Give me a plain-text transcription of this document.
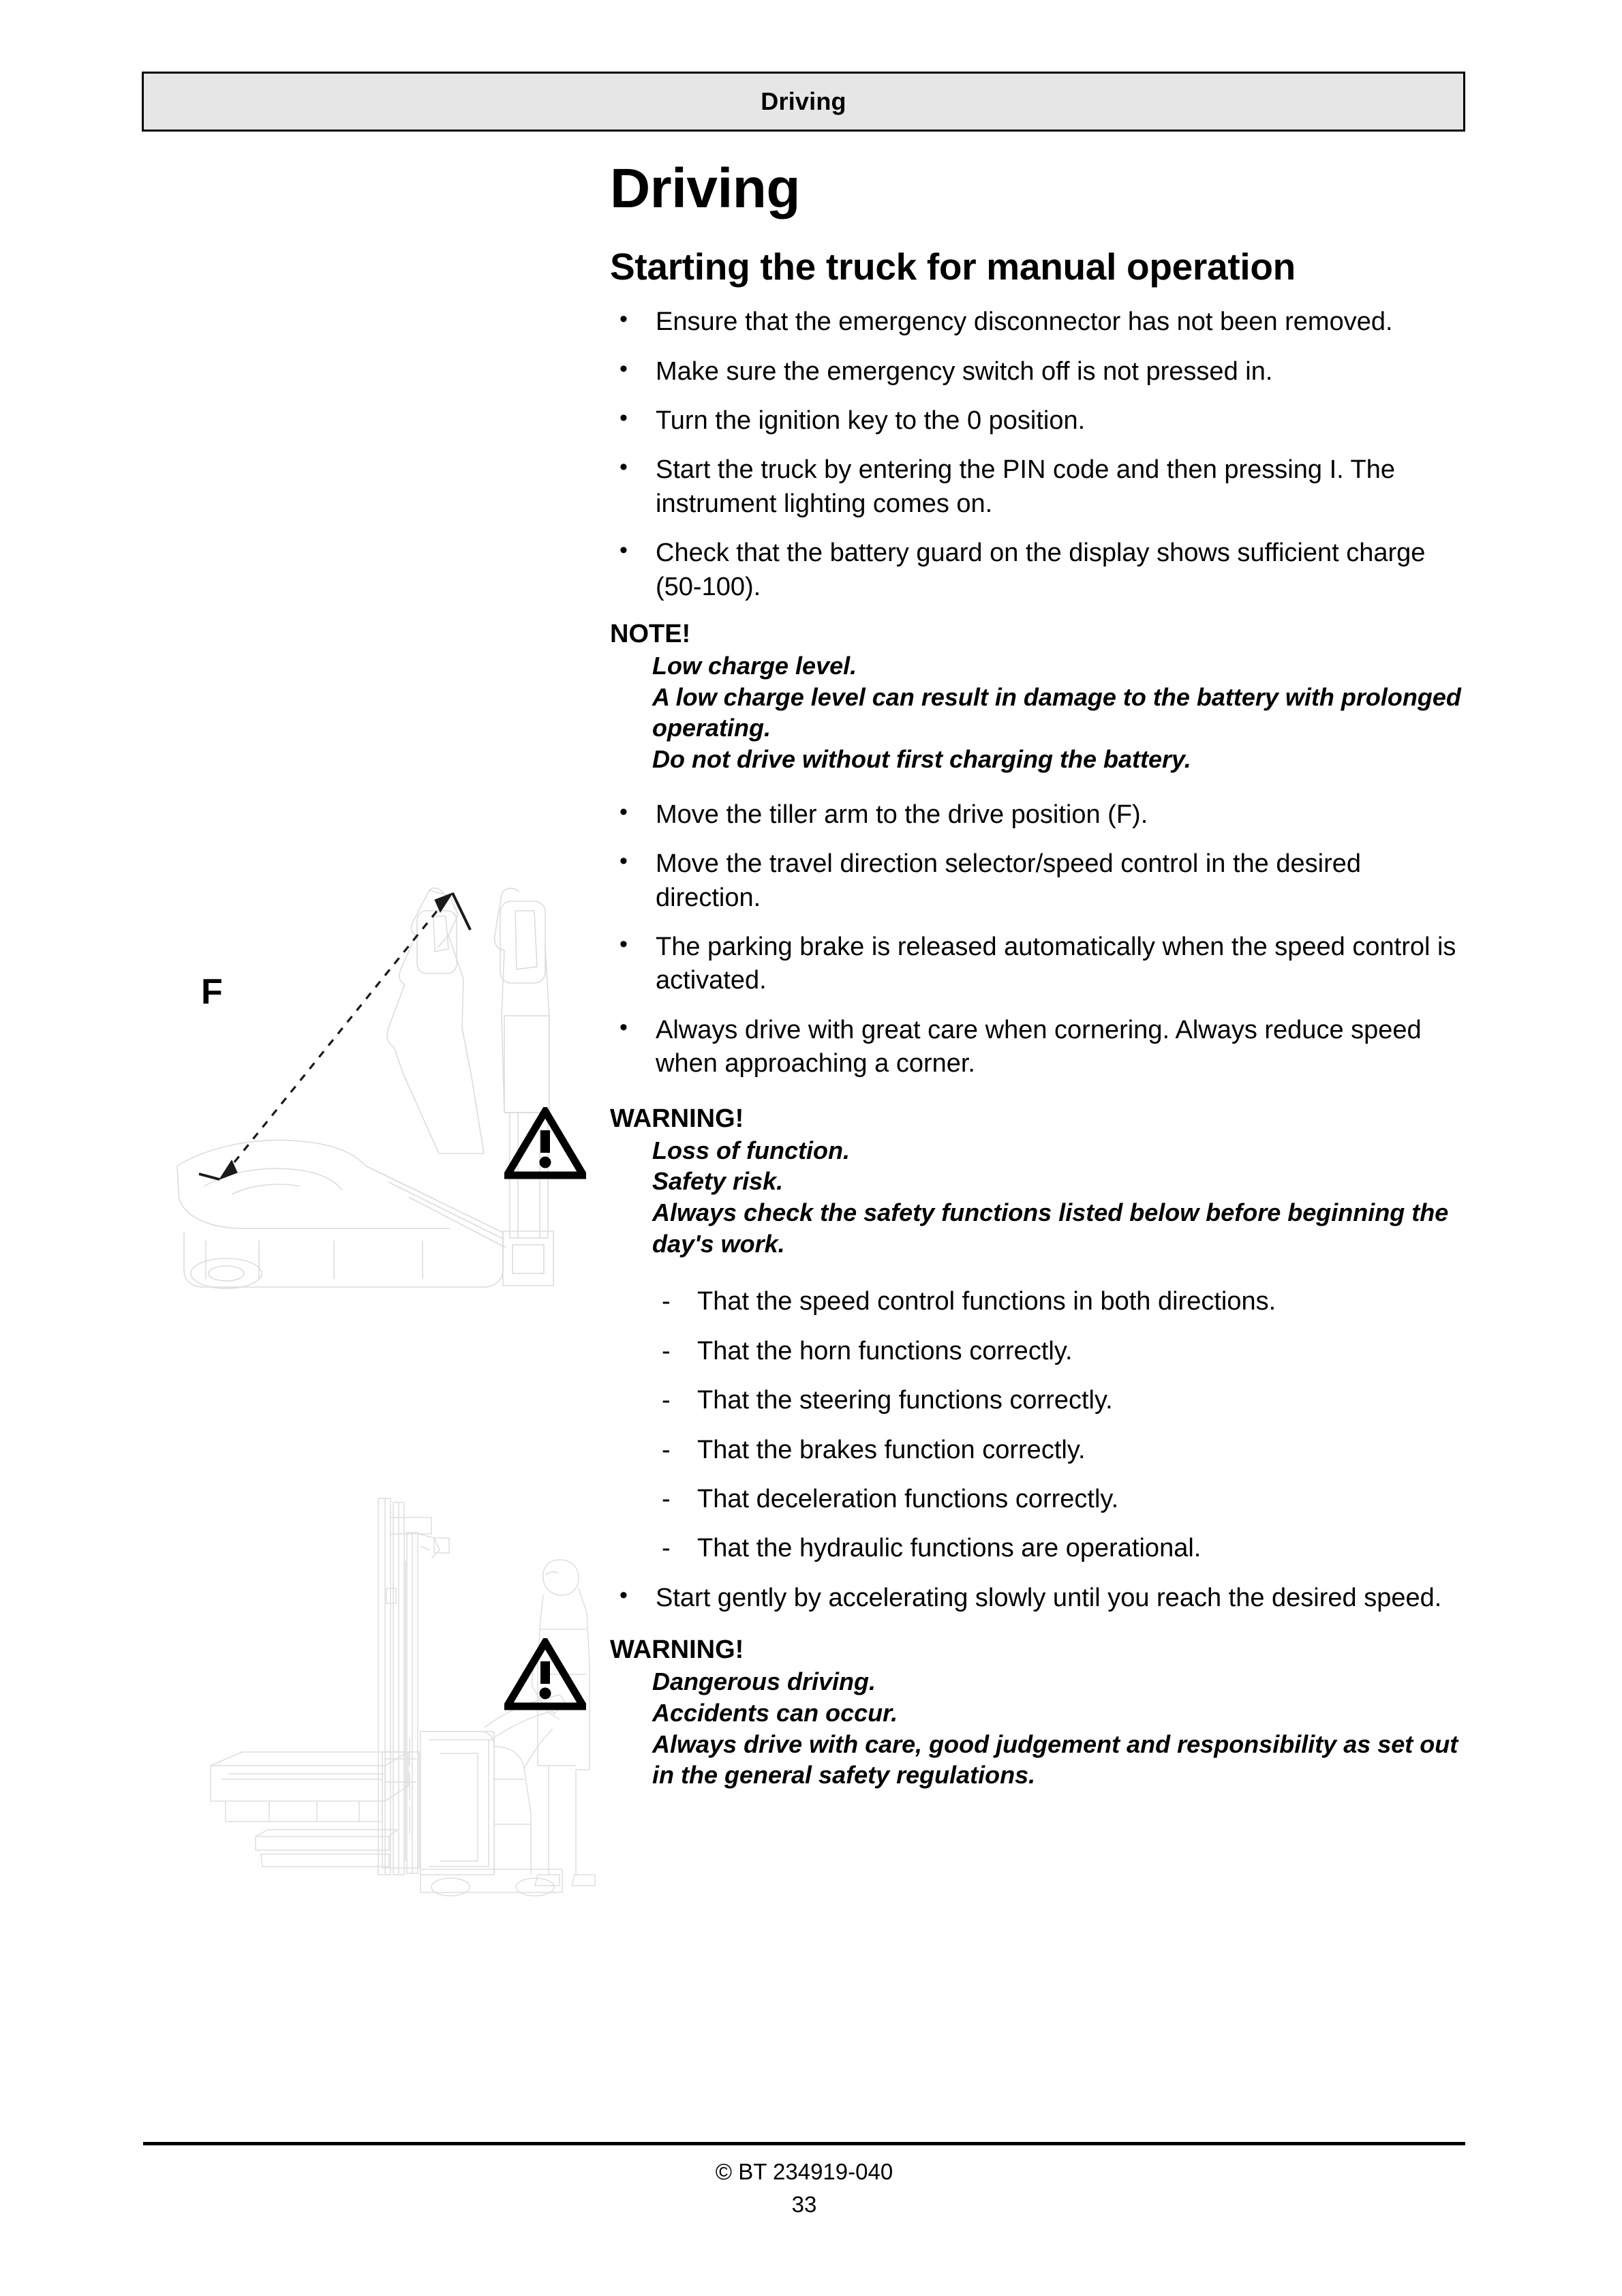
Driving
F
Driving
Starting the truck for manual operation
• Ensure that the emergency disconnector has not been removed.
• Make sure the emergency switch off is not pressed in.
• Turn the ignition key to the 0 position.
• Start the truck by entering the PIN code and then pressing I. The instrument lighting comes on.
• Check that the battery guard on the display shows sufficient charge (50-100).
NOTE!
Low charge level.
A low charge level can result in damage to the battery with prolonged operating.
Do not drive without first charging the battery.
• Move the tiller arm to the drive position (F).
• Move the travel direction selector/speed control in the desired direction.
• The parking brake is released automatically when the speed control is activated.
• Always drive with great care when cornering. Always reduce speed when approaching a corner.
WARNING!
Loss of function.
Safety risk.
Always check the safety functions listed below before beginning the day's work.
- That the speed control functions in both directions.
- That the horn functions correctly.
- That the steering functions correctly.
- That the brakes function correctly.
- That deceleration functions correctly.
- That the hydraulic functions are operational.
• Start gently by accelerating slowly until you reach the desired speed.
WARNING!
Dangerous driving.
Accidents can occur.
Always drive with care, good judgement and responsibility as set out in the general safety regulations.
© BT 234919-040
33
